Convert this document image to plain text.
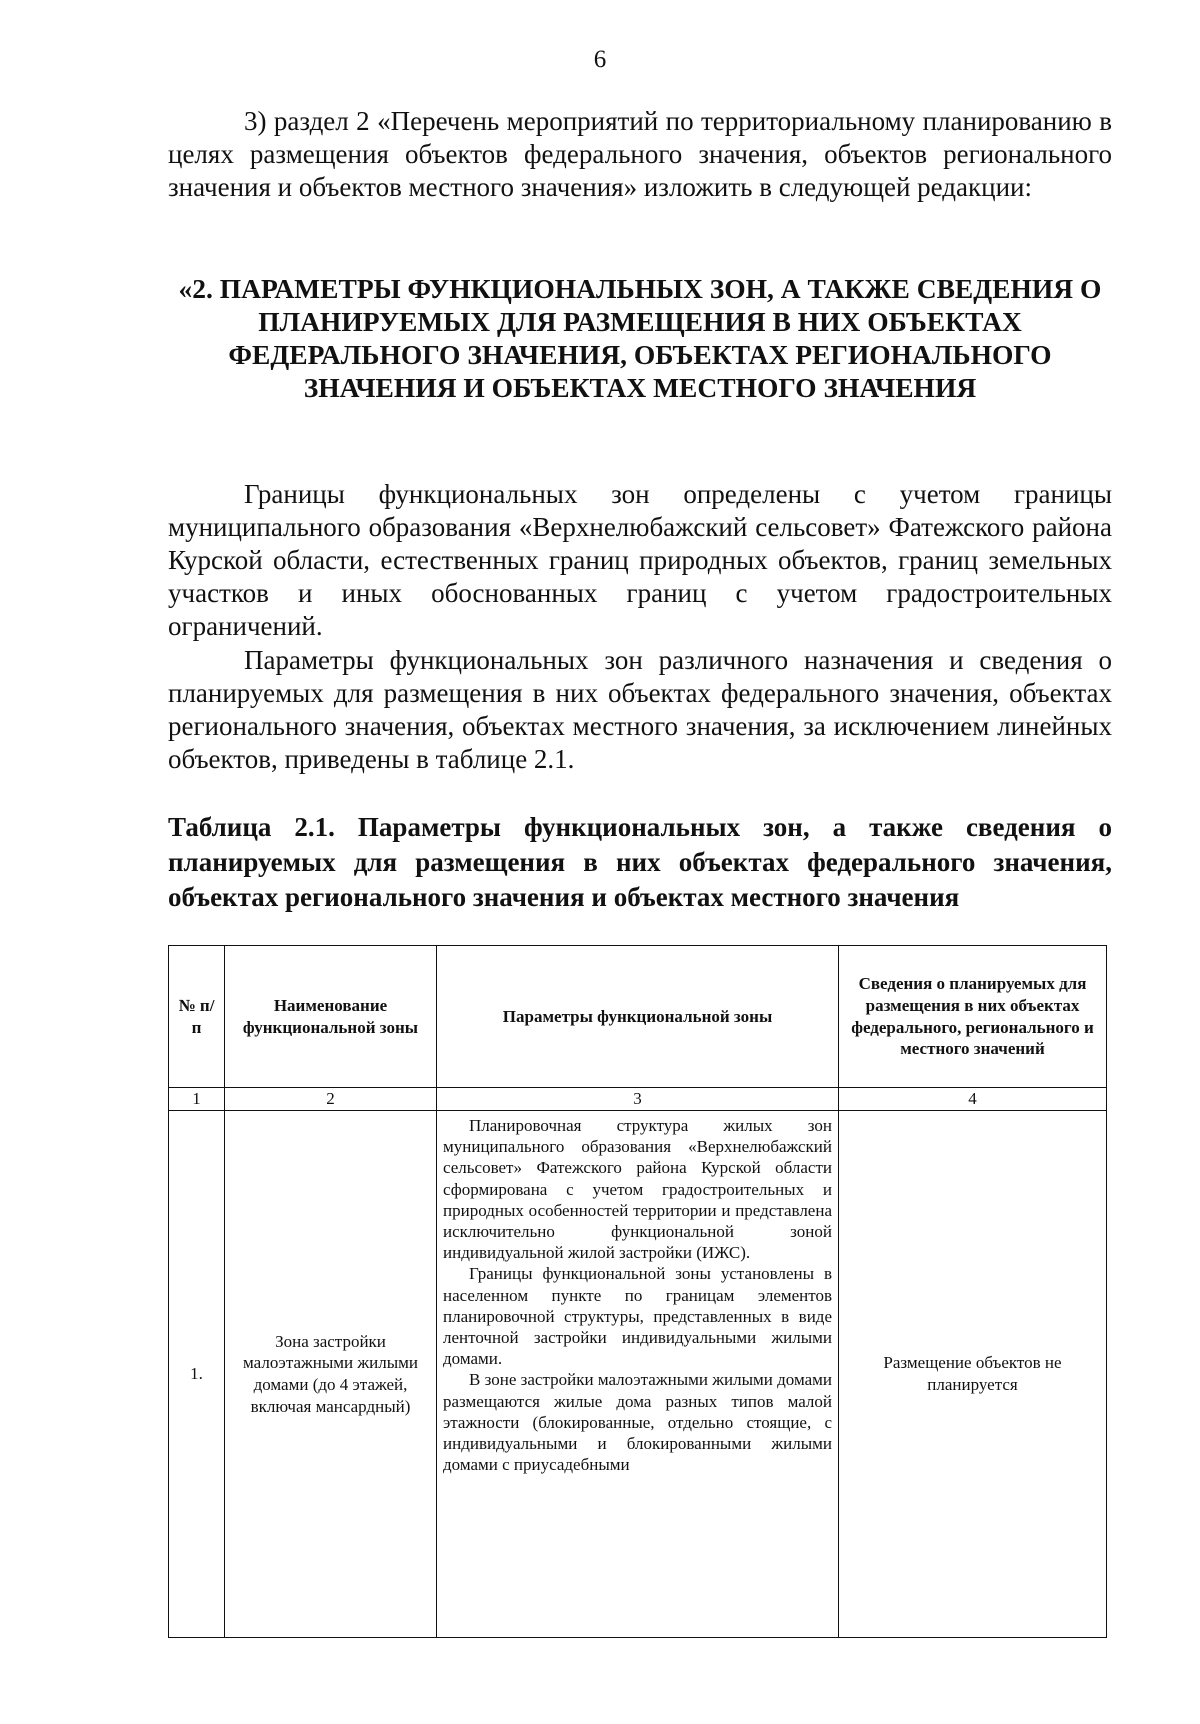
6
3) раздел 2 «Перечень мероприятий по территориальному планированию в целях размещения объектов федерального значения, объектов регионального значения и объектов местного значения» изложить в следующей редакции:
«2. ПАРАМЕТРЫ ФУНКЦИОНАЛЬНЫХ ЗОН, А ТАКЖЕ СВЕДЕНИЯ О ПЛАНИРУЕМЫХ ДЛЯ РАЗМЕЩЕНИЯ В НИХ ОБЪЕКТАХ ФЕДЕРАЛЬНОГО ЗНАЧЕНИЯ, ОБЪЕКТАХ РЕГИОНАЛЬНОГО ЗНАЧЕНИЯ И ОБЪЕКТАХ МЕСТНОГО ЗНАЧЕНИЯ
Границы функциональных зон определены с учетом границы муниципального образования «Верхнелюбажский сельсовет» Фатежского района Курской области, естественных границ природных объектов, границ земельных участков и иных обоснованных границ с учетом градостроительных ограничений.
Параметры функциональных зон различного назначения и сведения о планируемых для размещения в них объектах федерального значения, объектах регионального значения, объектах местного значения, за исключением линейных объектов, приведены в таблице 2.1.
Таблица 2.1. Параметры функциональных зон, а также сведения о планируемых для размещения в них объектах федерального значения, объектах регионального значения и объектах местного значения
№ п/п	Наименование функциональной зоны	Параметры функциональной зоны	Сведения о планируемых для размещения в них объектах федерального, регионального и местного значений
1	2	3	4
1.	Зона застройки малоэтажными жилыми домами (до 4 этажей, включая мансардный)	Планировочная структура жилых зон муниципального образования «Верхнелюбажский сельсовет» Фатежского района Курской области сформирована с учетом градостроительных и природных особенностей территории и представлена исключительно функциональной зоной индивидуальной жилой застройки (ИЖС).
Границы функциональной зоны установлены в населенном пункте по границам элементов планировочной структуры, представленных в виде ленточной застройки индивидуальными жилыми домами.
В зоне застройки малоэтажными жилыми домами размещаются жилые дома разных типов малой этажности (блокированные, отдельно стоящие, с индивидуальными и блокированными жилыми домами с приусадебными	Размещение объектов не планируется
